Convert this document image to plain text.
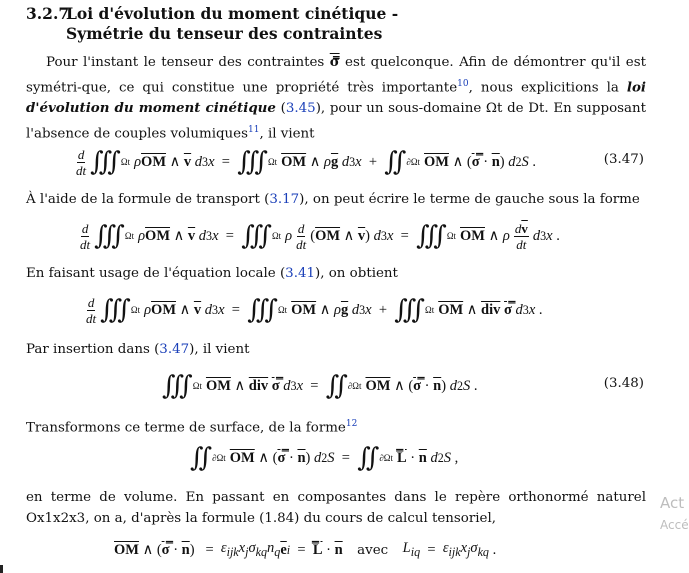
3.2.7Loi d'évolution du moment cinétique -
Symétrie du tenseur des contraintes
Pour l'instant le tenseur des contraintes σ̿ est quelconque. Afin de démontrer qu'il est symétri-que, ce qui constitue une propriété très importante$^{10}$, nous explicitions la loi d'évolution du moment cinétique (3.45), pour un sous-domaine Ωt de Dt. En supposant l'absence de couples volumiques$^{11}$, il vient
$\frac{d}{dt}$ ∭ Ωt ρ $\overline{OM}$ ∧ $\overline{v}$
d 3 x = ∭ Ωt $\overline{OM}$ ∧ ρ $\overline{g}$
d 3 x + ∬ ∂Ωt $\overline{OM}$ ∧ ( σ̿ · $\overline{n}$ ) d 2 S .	(3.47)
À l'aide de la formule de transport (3.17), on peut écrire le terme de gauche sous la forme
$\frac{d}{dt}$ ∭ Ωt ρ $\overline{OM}$ ∧ $\overline{v}$
d 3 x = ∭ Ωt ρ $\frac{d}{dt}$ ( $\overline{OM}$ ∧ $\overline{v}$ ) d 3 x = ∭ Ωt $\overline{OM}$ ∧ ρ $\frac{d\overline{v}}{dt}$ d 3 x .
En faisant usage de l'équation locale (3.41), on obtient
$\frac{d}{dt}$ ∭ Ωt ρ $\overline{OM}$ ∧ $\overline{v}$
d 3 x = ∭ Ωt $\overline{OM}$ ∧ ρ $\overline{g}$
d 3 x + ∭ Ωt $\overline{OM}$ ∧ $\overline{div}$
σ̿
d 3 x .
Par insertion dans (3.47), il vient
∭ Ωt $\overline{OM}$ ∧ $\overline{div}$
σ̿
d 3 x = ∬ ∂Ωt $\overline{OM}$ ∧ ( σ̿ · $\overline{n}$ ) d 2 S .	(3.48)
Transformons ce terme de surface, de la forme$^{12}$
∬ ∂Ωt $\overline{OM}$ ∧ ( σ̿ · $\overline{n}$ ) d 2 S = ∬ ∂Ωt L̿ · $\overline{n}$
d 2 S ,
en terme de volume. En passant en composantes dans le repère orthonormé naturel Ox1x2x3, on a, d'après la formule (1.84) du cours de calcul tensoriel,
$\overline{OM}$ ∧ ( σ̿ · $\overline{n}$ )   = $\varepsilon_{ijk}x_j\sigma_{kq}n_q$ $\overline{e}$ i = L̿ · $\overline{n}$
avec
$L_{iq} = \varepsilon_{ijk}x_j\sigma_{kq}$ .
Act
Accé
